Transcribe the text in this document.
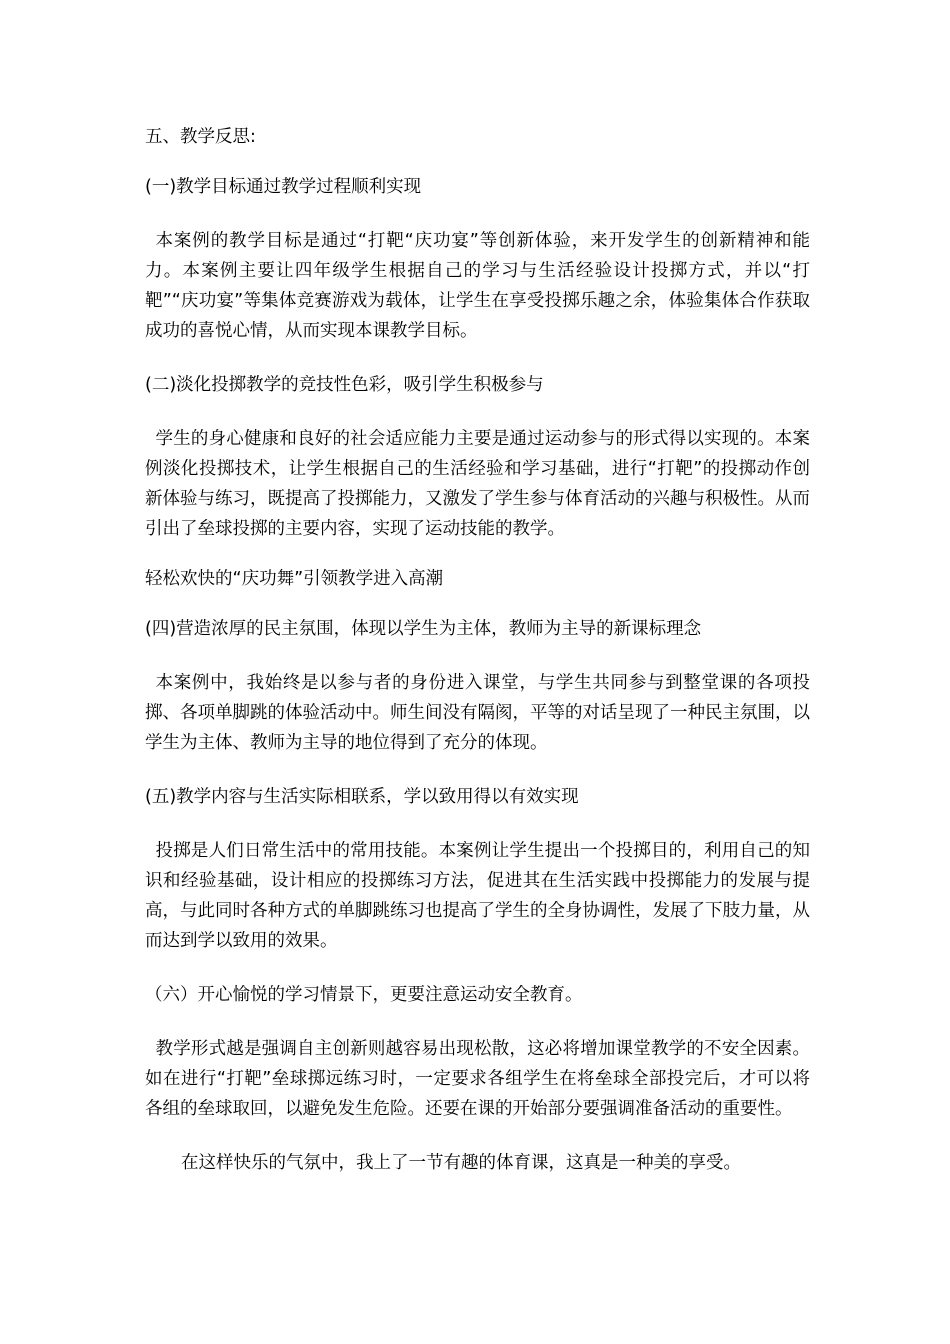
五、教学反思:
(一)教学目标通过教学过程顺利实现
本案例的教学目标是通过“打靶“庆功宴”等创新体验，来开发学生的创新精神和能力。本案例主要让四年级学生根据自己的学习与生活经验设计投掷方式，并以“打靶”“庆功宴”等集体竞赛游戏为载体，让学生在享受投掷乐趣之余，体验集体合作获取成功的喜悦心情，从而实现本课教学目标。
(二)淡化投掷教学的竞技性色彩，吸引学生积极参与
学生的身心健康和良好的社会适应能力主要是通过运动参与的形式得以实现的。本案例淡化投掷技术，让学生根据自己的生活经验和学习基础，进行“打靶”的投掷动作创新体验与练习，既提高了投掷能力，又激发了学生参与体育活动的兴趣与积极性。从而引出了垒球投掷的主要内容，实现了运动技能的教学。
轻松欢快的“庆功舞”引领教学进入高潮
(四)营造浓厚的民主氛围，体现以学生为主体，教师为主导的新课标理念
本案例中，我始终是以参与者的身份进入课堂，与学生共同参与到整堂课的各项投掷、各项单脚跳的体验活动中。师生间没有隔阂，平等的对话呈现了一种民主氛围，以学生为主体、教师为主导的地位得到了充分的体现。
(五)教学内容与生活实际相联系，学以致用得以有效实现
投掷是人们日常生活中的常用技能。本案例让学生提出一个投掷目的，利用自己的知识和经验基础，设计相应的投掷练习方法，促进其在生活实践中投掷能力的发展与提高，与此同时各种方式的单脚跳练习也提高了学生的全身协调性，发展了下肢力量，从而达到学以致用的效果。
（六）开心愉悦的学习情景下，更要注意运动安全教育。
教学形式越是强调自主创新则越容易出现松散，这必将增加课堂教学的不安全因素。如在进行“打靶”垒球掷远练习时，一定要求各组学生在将垒球全部投完后，才可以将各组的垒球取回，以避免发生危险。还要在课的开始部分要强调准备活动的重要性。
在这样快乐的气氛中，我上了一节有趣的体育课，这真是一种美的享受。
